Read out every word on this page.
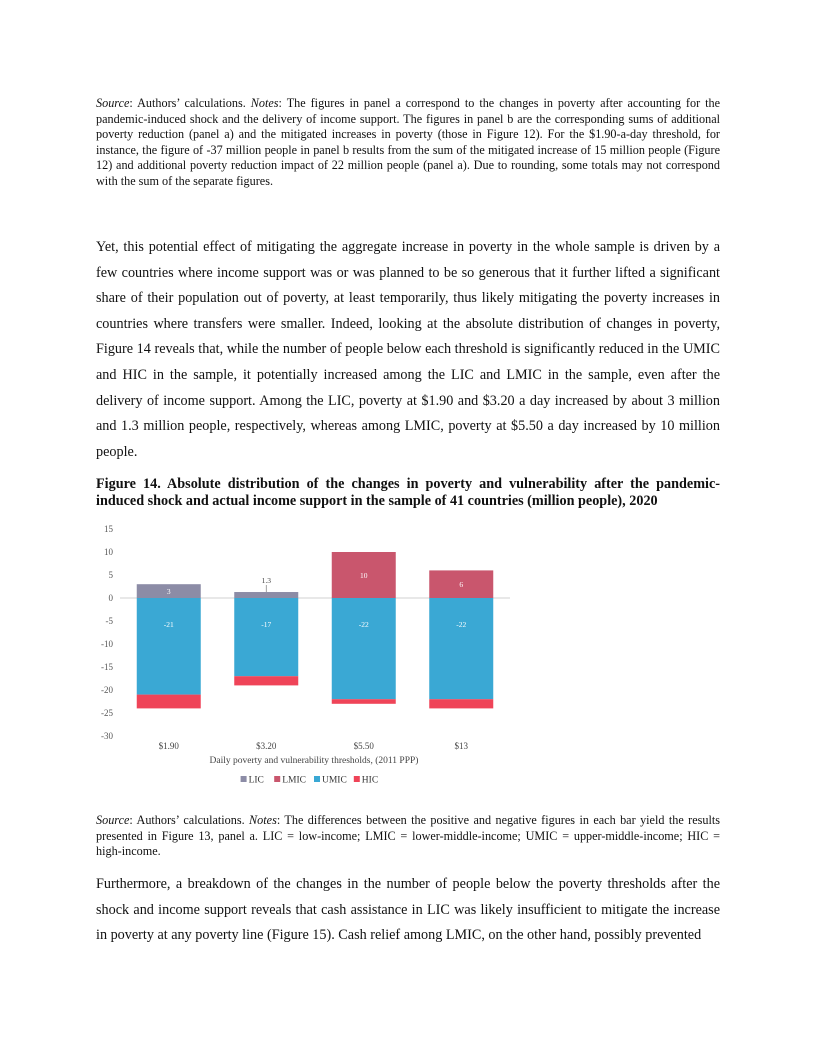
Source: Authors’ calculations. Notes: The figures in panel a correspond to the changes in poverty after accounting for the pandemic-induced shock and the delivery of income support. The figures in panel b are the corresponding sums of additional poverty reduction (panel a) and the mitigated increases in poverty (those in Figure 12). For the $1.90-a-day threshold, for instance, the figure of -37 million people in panel b results from the sum of the mitigated increase of 15 million people (Figure 12) and additional poverty reduction impact of 22 million people (panel a). Due to rounding, some totals may not correspond with the sum of the separate figures.
Yet, this potential effect of mitigating the aggregate increase in poverty in the whole sample is driven by a few countries where income support was or was planned to be so generous that it further lifted a significant share of their population out of poverty, at least temporarily, thus likely mitigating the poverty increases in countries where transfers were smaller. Indeed, looking at the absolute distribution of changes in poverty, Figure 14 reveals that, while the number of people below each threshold is significantly reduced in the UMIC and HIC in the sample, it potentially increased among the LIC and LMIC in the sample, even after the delivery of income support. Among the LIC, poverty at $1.90 and $3.20 a day increased by about 3 million and 1.3 million people, respectively, whereas among LMIC, poverty at $5.50 a day increased by 10 million people.
Figure 14. Absolute distribution of the changes in poverty and vulnerability after the pandemic-induced shock and actual income support in the sample of 41 countries (million people), 2020
15
10
5
0
-5
-10
-15
-20
-25
-30
3
1.3
10
6
-21	-17	-22	-22
$1.90	$3.20	$5.50	$13
Daily poverty and vulnerability thresholds, (2011 PPP)
LIC LMIC UMIC HIC
Source: Authors’ calculations. Notes: The differences between the positive and negative figures in each bar yield the results presented in Figure 13, panel a. LIC = low-income; LMIC = lower-middle-income; UMIC = upper-middle-income; HIC = high-income.
Furthermore, a breakdown of the changes in the number of people below the poverty thresholds after the shock and income support reveals that cash assistance in LIC was likely insufficient to mitigate the increase in poverty at any poverty line (Figure 15). Cash relief among LMIC, on the other hand, possibly prevented
